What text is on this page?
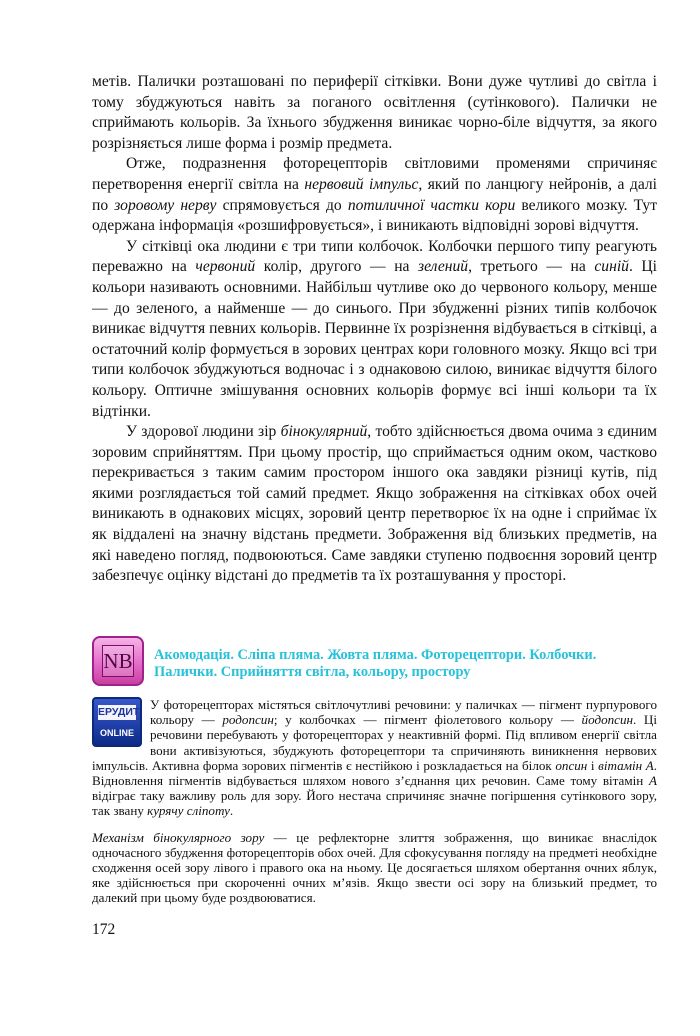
метів. Палички розташовані по периферії сітківки. Вони дуже чутливі до світла і тому збуджуються навіть за поганого освітлення (сутінкового). Палички не сприймають кольорів. За їхнього збудження виникає чорно-біле відчуття, за якого розрізняється лише форма і розмір предмета.

Отже, подразнення фоторецепторів світловими променями спричиняє перетворення енергії світла на нервовий імпульс, який по ланцюгу нейронів, а далі по зоровому нерву спрямовується до потиличної частки кори великого мозку. Тут одержана інформація «розшифровується», і виникають відповідні зорові відчуття.

У сітківці ока людини є три типи колбочок. Колбочки першого типу реагують переважно на червоний колір, другого — на зелений, третього — на синій. Ці кольори називають основними. Найбільш чутливе око до червоного кольору, менше — до зеленого, а найменше — до синього. При збудженні різних типів колбочок виникає відчуття певних кольорів. Первинне їх розрізнення відбувається в сітківці, а остаточний колір формується в зорових центрах кори головного мозку. Якщо всі три типи колбочок збуджуються водночас і з однаковою силою, виникає відчуття білого кольору. Оптичне змішування основних кольорів формує всі інші кольори та їх відтінки.

У здорової людини зір бінокулярний, тобто здійснюється двома очима з єдиним зоровим сприйняттям. При цьому простір, що сприймається одним оком, частково перекривається з таким самим простором іншого ока завдяки різниці кутів, під якими розглядається той самий предмет. Якщо зображення на сітківках обох очей виникають в однакових місцях, зоровий центр перетворює їх на одне і сприймає їх як віддалені на значну відстань предмети. Зображення від близьких предметів, на які наведено погляд, подвоюються. Саме завдяки ступеню подвоєння зоровий центр забезпечує оцінку відстані до предметів та їх розташування у просторі.

NB Акомодація. Сліпа пляма. Жовта пляма. Фоторецептори. Колбочки. Палички. Сприйняття світла, кольору, простору
ЕРУДИТ
ONLINE

У фоторецепторах містяться світлочутливі речовини: у паличках — пігмент пурпурового кольору — родопсин; у колбочках — пігмент фіолетового кольору — йодопсин. Ці речовини перебувають у фоторецепторах у неактивній формі. Під впливом енергії світла вони активізуються, збуджують фоторецептори та спричиняють виникнення нервових імпульсів. Активна форма зорових пігментів є нестійкою і розкладається на білок опсин і вітамін А. Відновлення пігментів відбувається шляхом нового з’єднання цих речовин. Саме тому вітамін А відіграє таку важливу роль для зору. Його нестача спричиняє значне погіршення сутінкового зору, так звану курячу сліпоту.

Механізм бінокулярного зору — це рефлекторне злиття зображення, що виникає внаслідок одночасного збудження фоторецепторів обох очей. Для сфокусування погляду на предметі необхідне сходження осей зору лівого і правого ока на ньому. Це досягається шляхом обертання очних яблук, яке здійснюється при скороченні очних м’язів. Якщо звести осі зору на близький предмет, то далекий при цьому буде роздвоюватися.

172
